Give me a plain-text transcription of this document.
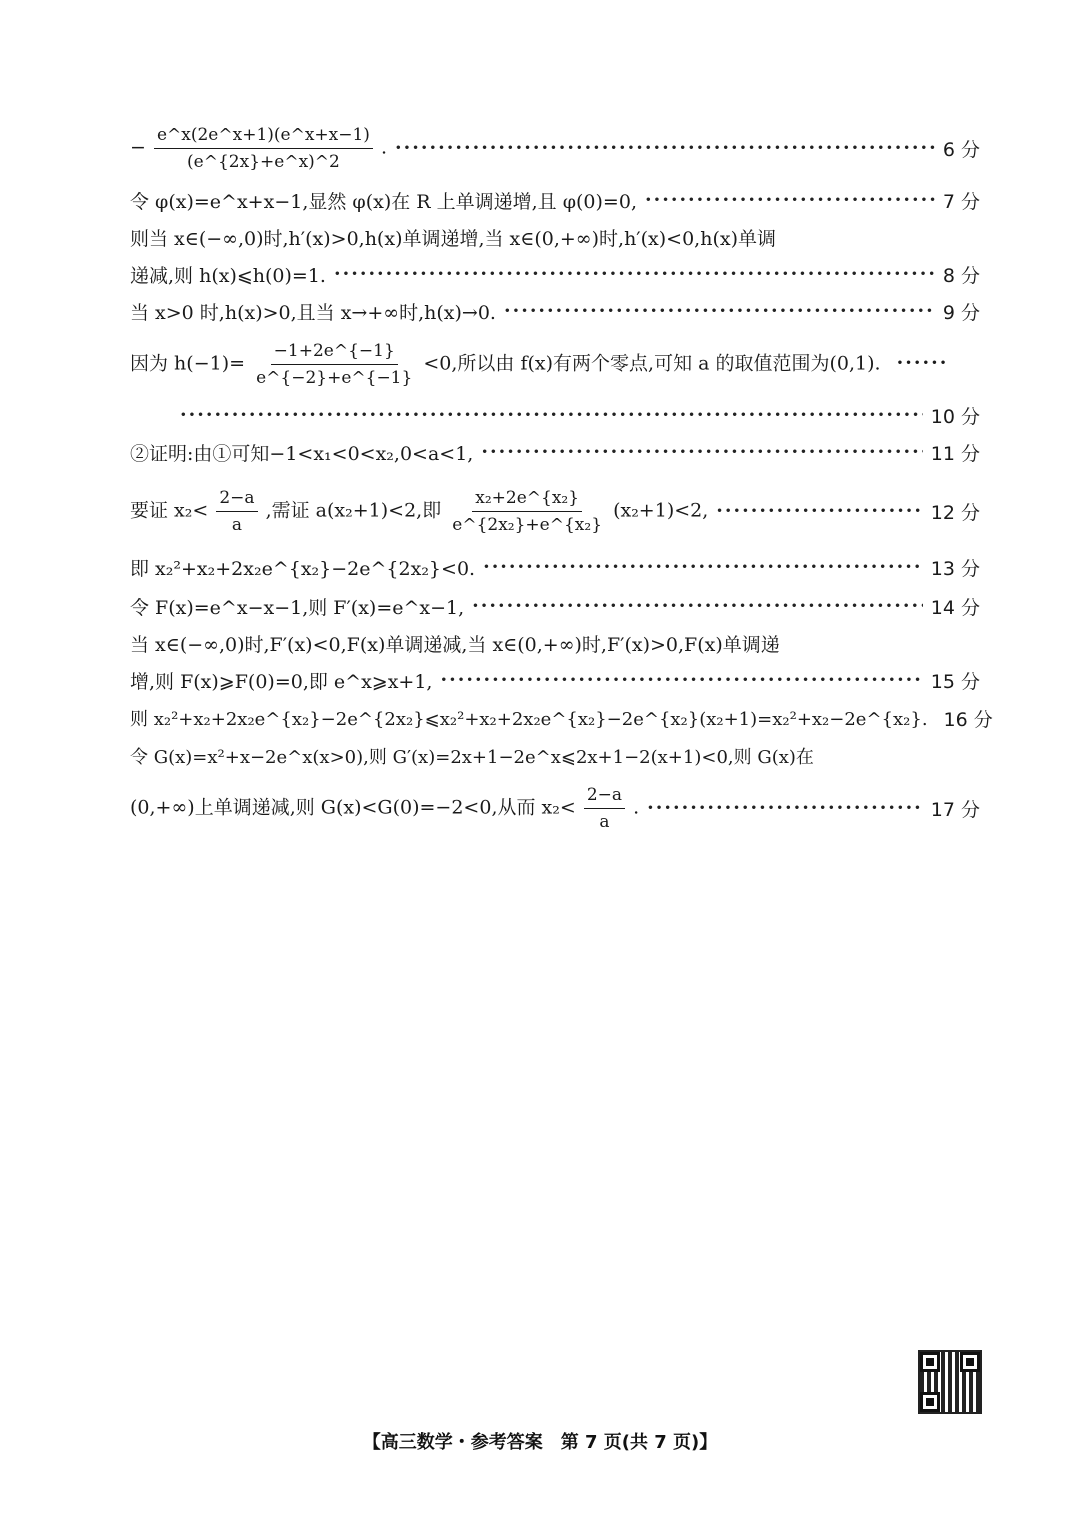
− $\frac{e\^{}x(2e\^{}x+1)(e\^{}x+x-1)}{(e\^{}\{2x\}+e\^{}x)\^{}2}$ . ·····	6 分
令 φ(x)=e^x+x−1,显然 φ(x)在 R 上单调递增,且 φ(0)=0, ·····	7 分
则当 x∈(−∞,0)时,h′(x)>0,h(x)单调递增,当 x∈(0,+∞)时,h′(x)<0,h(x)单调
递减,则 h(x)⩽h(0)=1. ·····	8 分
当 x>0 时,h(x)>0,且当 x→+∞时,h(x)→0. ·····	9 分
因为 $h(-1)= \frac{-1+2e\^{}\{-1\}}{e\^{}\{-2\}+e\^{}\{-1\}} <0$,所以由 f(x)有两个零点,可知 a 的取值范围为(0,1). ······
·····
10 分
②证明:由①可知−1<x₁<0<x₂,0<a<1, ·····	11 分
要证 $x_2< \frac{2-a}{a}$ ,需证 a(x₂+1)<2,即 $\frac{\text{x₂+2e\textasciicircum{}\{x₂\}}}{\text{e\textasciicircum{}\{2x₂\}+e\textasciicircum{}\{x₂\}}} (x_2+1)<2$, ·····	12 分
即 x₂²+x₂+2x₂e^{x₂}−2e^{2x₂}<0. ·····	13 分
令 F(x)=e^x−x−1,则 F′(x)=e^x−1, ·····	14 分
当 x∈(−∞,0)时,F′(x)<0,F(x)单调递减,当 x∈(0,+∞)时,F′(x)>0,F(x)单调递
增,则 F(x)⩾F(0)=0,即 e^x⩾x+1, ·····	15 分
则 x₂²+x₂+2x₂e^{x₂}−2e^{2x₂}⩽x₂²+x₂+2x₂e^{x₂}−2e^{x₂}(x₂+1)=x₂²+x₂−2e^{x₂}. 16 分
令 G(x)=x²+x−2e^x(x>0),则 G′(x)=2x+1−2e^x⩽2x+1−2(x+1)<0,则 G(x)在
(0,+∞)上单调递减,则 G(x)<G(0)=−2<0,从而 $x_2< \frac{2-a}{a}$ . ·····	17 分
【高三数学・参考答案　第 7 页(共 7 页)】
